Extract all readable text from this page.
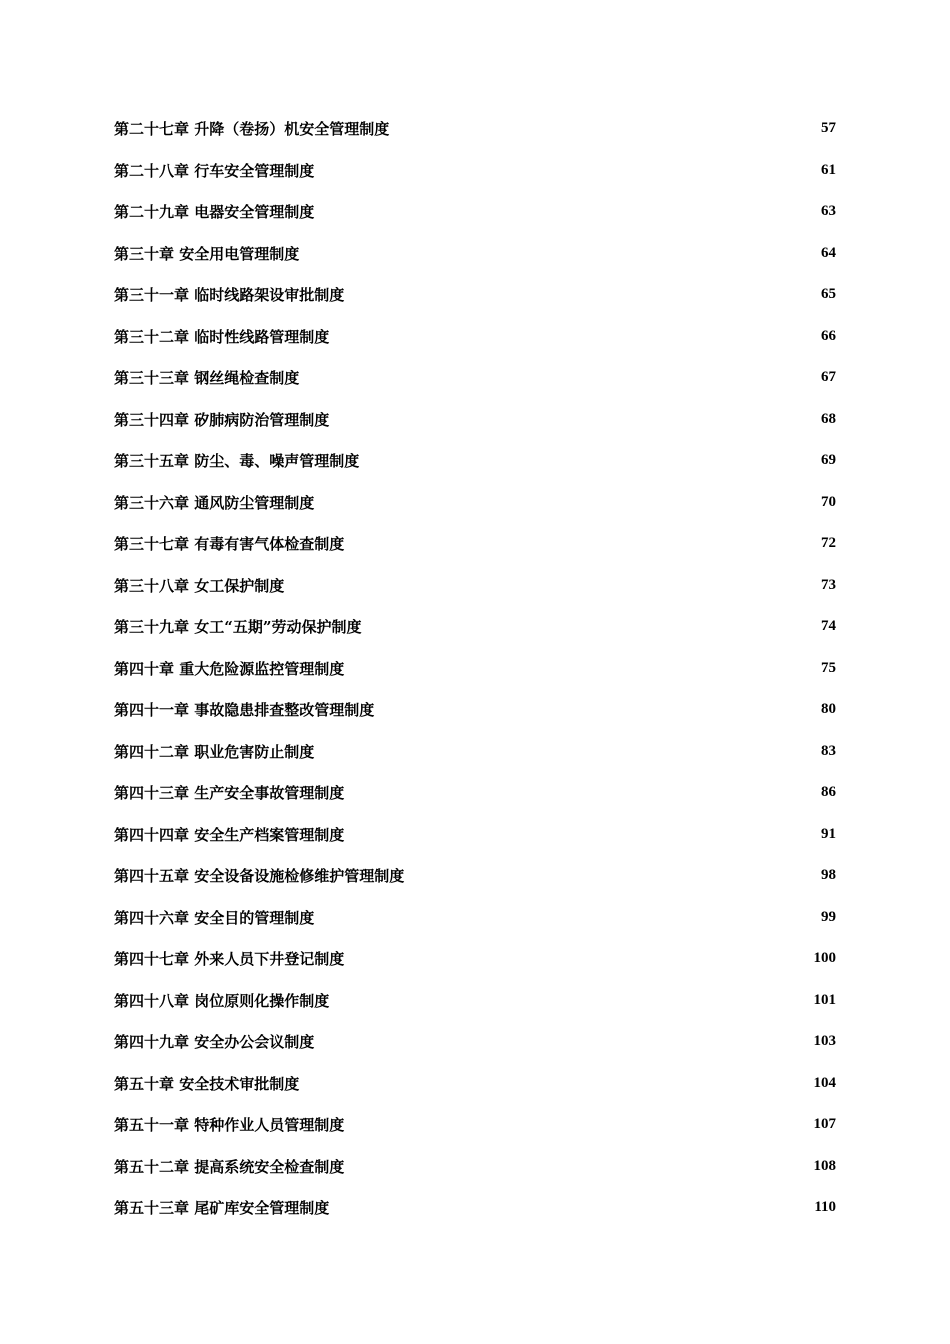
第二十七章 升降（卷扬）机安全管理制度	57
第二十八章 行车安全管理制度	61
第二十九章 电器安全管理制度	63
第三十章 安全用电管理制度	64
第三十一章 临时线路架设审批制度	65
第三十二章 临时性线路管理制度	66
第三十三章 钢丝绳检查制度	67
第三十四章 矽肺病防治管理制度	68
第三十五章 防尘、毒、噪声管理制度	69
第三十六章 通风防尘管理制度	70
第三十七章 有毒有害气体检查制度	72
第三十八章 女工保护制度	73
第三十九章 女工“五期”劳动保护制度	74
第四十章 重大危险源监控管理制度	75
第四十一章 事故隐患排查整改管理制度	80
第四十二章 职业危害防止制度	83
第四十三章 生产安全事故管理制度	86
第四十四章 安全生产档案管理制度	91
第四十五章 安全设备设施检修维护管理制度	98
第四十六章 安全目的管理制度	99
第四十七章 外来人员下井登记制度	100
第四十八章 岗位原则化操作制度	101
第四十九章 安全办公会议制度	103
第五十章 安全技术审批制度	104
第五十一章 特种作业人员管理制度	107
第五十二章 提高系统安全检查制度	108
第五十三章 尾矿库安全管理制度	110
